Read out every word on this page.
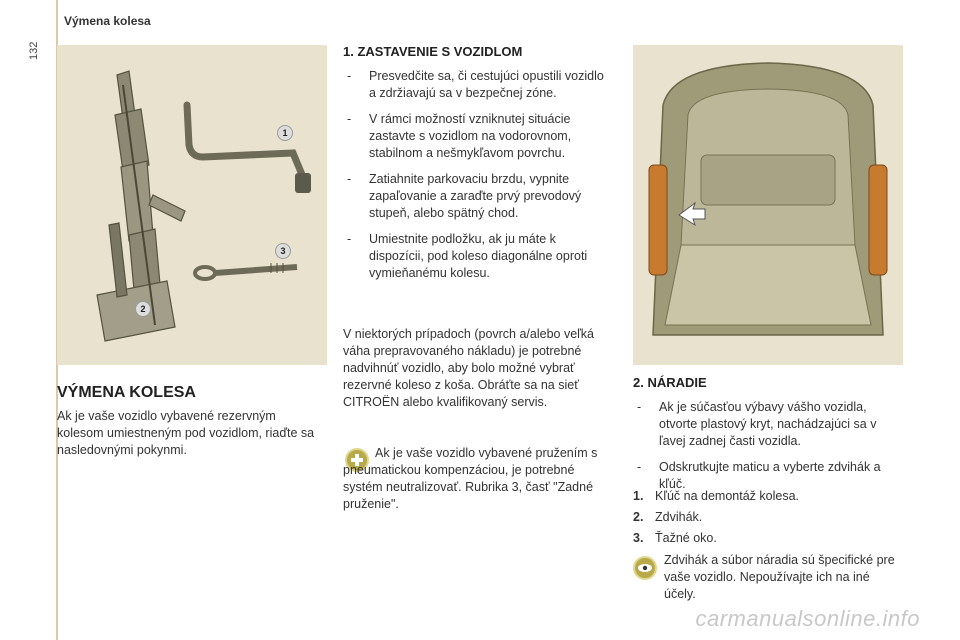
132
Výmena kolesa
1
2
3
VÝMENA KOLESA
Ak je vaše vozidlo vybavené rezervným kolesom umiestneným pod vozidlom, riaďte sa nasledovnými pokynmi.
1. ZASTAVENIE S VOZIDLOM
- Presvedčite sa, či cestujúci opustili vozidlo a zdržiavajú sa v bezpečnej zóne.
- V rámci možností vzniknutej situácie zastavte s vozidlom na vodorovnom, stabilnom a nešmykľavom povrchu.
- Zatiahnite parkovaciu brzdu, vypnite zapaľovanie a zaraďte prvý prevodový stupeň, alebo spätný chod.
- Umiestnite podložku, ak ju máte k dispozícii, pod koleso diagonálne oproti vymieňanému kolesu.
V niektorých prípadoch (povrch a/alebo veľká váha prepravovaného nákladu) je potrebné nadvihnúť vozidlo, aby bolo možné vybrať rezervné koleso z koša. Obráťte sa na sieť CITROËN alebo kvalifikovaný servis.
Ak je vaše vozidlo vybavené pružením s pneumatickou kompenzáciou, je potrebné systém neutralizovať. Rubrika 3, časť "Zadné pruženie".
2. NÁRADIE
- Ak je súčasťou výbavy vášho vozidla, otvorte plastový kryt, nachádzajúci sa v ľavej zadnej časti vozidla.
- Odskrutkujte maticu a vyberte zdvihák a kľúč.
1. Kľúč na demontáž kolesa.
2. Zdvihák.
3. Ťažné oko.
Zdvihák a súbor náradia sú špecifické pre vaše vozidlo. Nepoužívajte ich na iné účely.
carmanualsonline.info
